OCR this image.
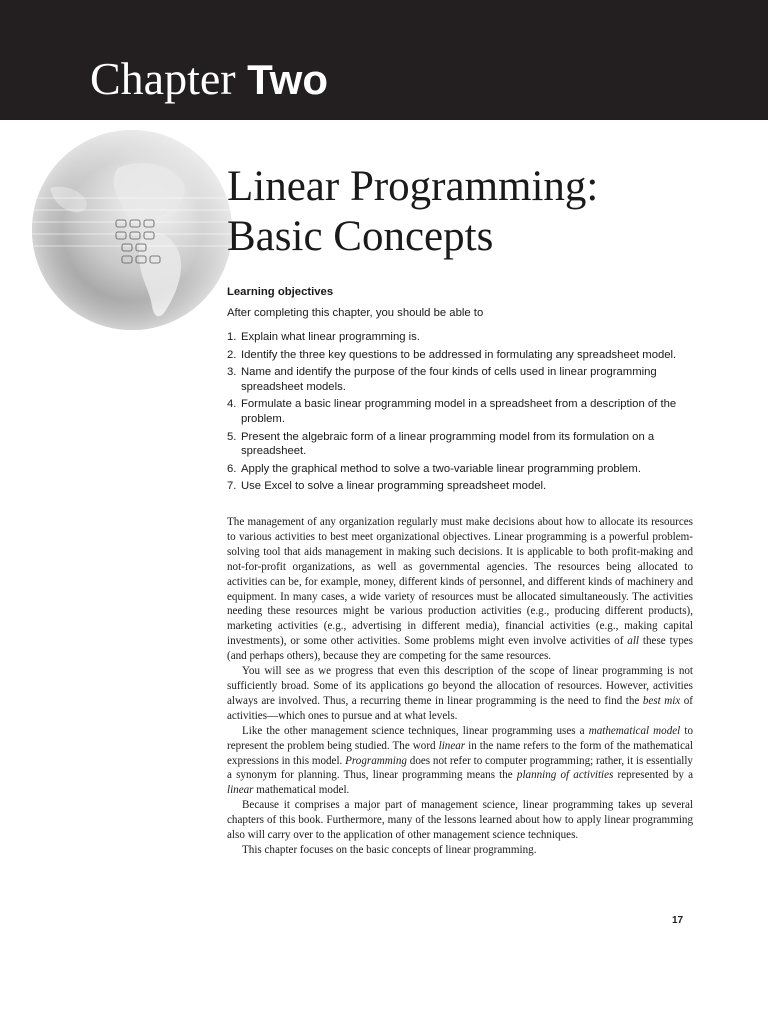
Chapter Two
Linear Programming:
Basic Concepts
Learning objectives
After completing this chapter, you should be able to
1. Explain what linear programming is.
2. Identify the three key questions to be addressed in formulating any spreadsheet model.
3. Name and identify the purpose of the four kinds of cells used in linear programming spreadsheet models.
4. Formulate a basic linear programming model in a spreadsheet from a description of the problem.
5. Present the algebraic form of a linear programming model from its formulation on a spreadsheet.
6. Apply the graphical method to solve a two-variable linear programming problem.
7. Use Excel to solve a linear programming spreadsheet model.

The management of any organization regularly must make decisions about how to allocate its resources to various activities to best meet organizational objectives. Linear programming is a powerful problem-solving tool that aids management in making such decisions. It is applicable to both profit-making and not-for-profit organizations, as well as governmental agencies. The resources being allocated to activities can be, for example, money, different kinds of personnel, and different kinds of machinery and equipment. In many cases, a wide variety of resources must be allocated simultaneously. The activities needing these resources might be various production activities (e.g., producing different products), marketing activities (e.g., advertising in different media), financial activities (e.g., making capital investments), or some other activities. Some problems might even involve activities of all these types (and perhaps others), because they are competing for the same resources.

You will see as we progress that even this description of the scope of linear programming is not sufficiently broad. Some of its applications go beyond the allocation of resources. However, activities always are involved. Thus, a recurring theme in linear programming is the need to find the best mix of activities—which ones to pursue and at what levels.

Like the other management science techniques, linear programming uses a mathematical model to represent the problem being studied. The word linear in the name refers to the form of the mathematical expressions in this model. Programming does not refer to computer programming; rather, it is essentially a synonym for planning. Thus, linear programming means the planning of activities represented by a linear mathematical model.

Because it comprises a major part of management science, linear programming takes up several chapters of this book. Furthermore, many of the lessons learned about how to apply linear programming also will carry over to the application of other management science techniques.

This chapter focuses on the basic concepts of linear programming.

17
